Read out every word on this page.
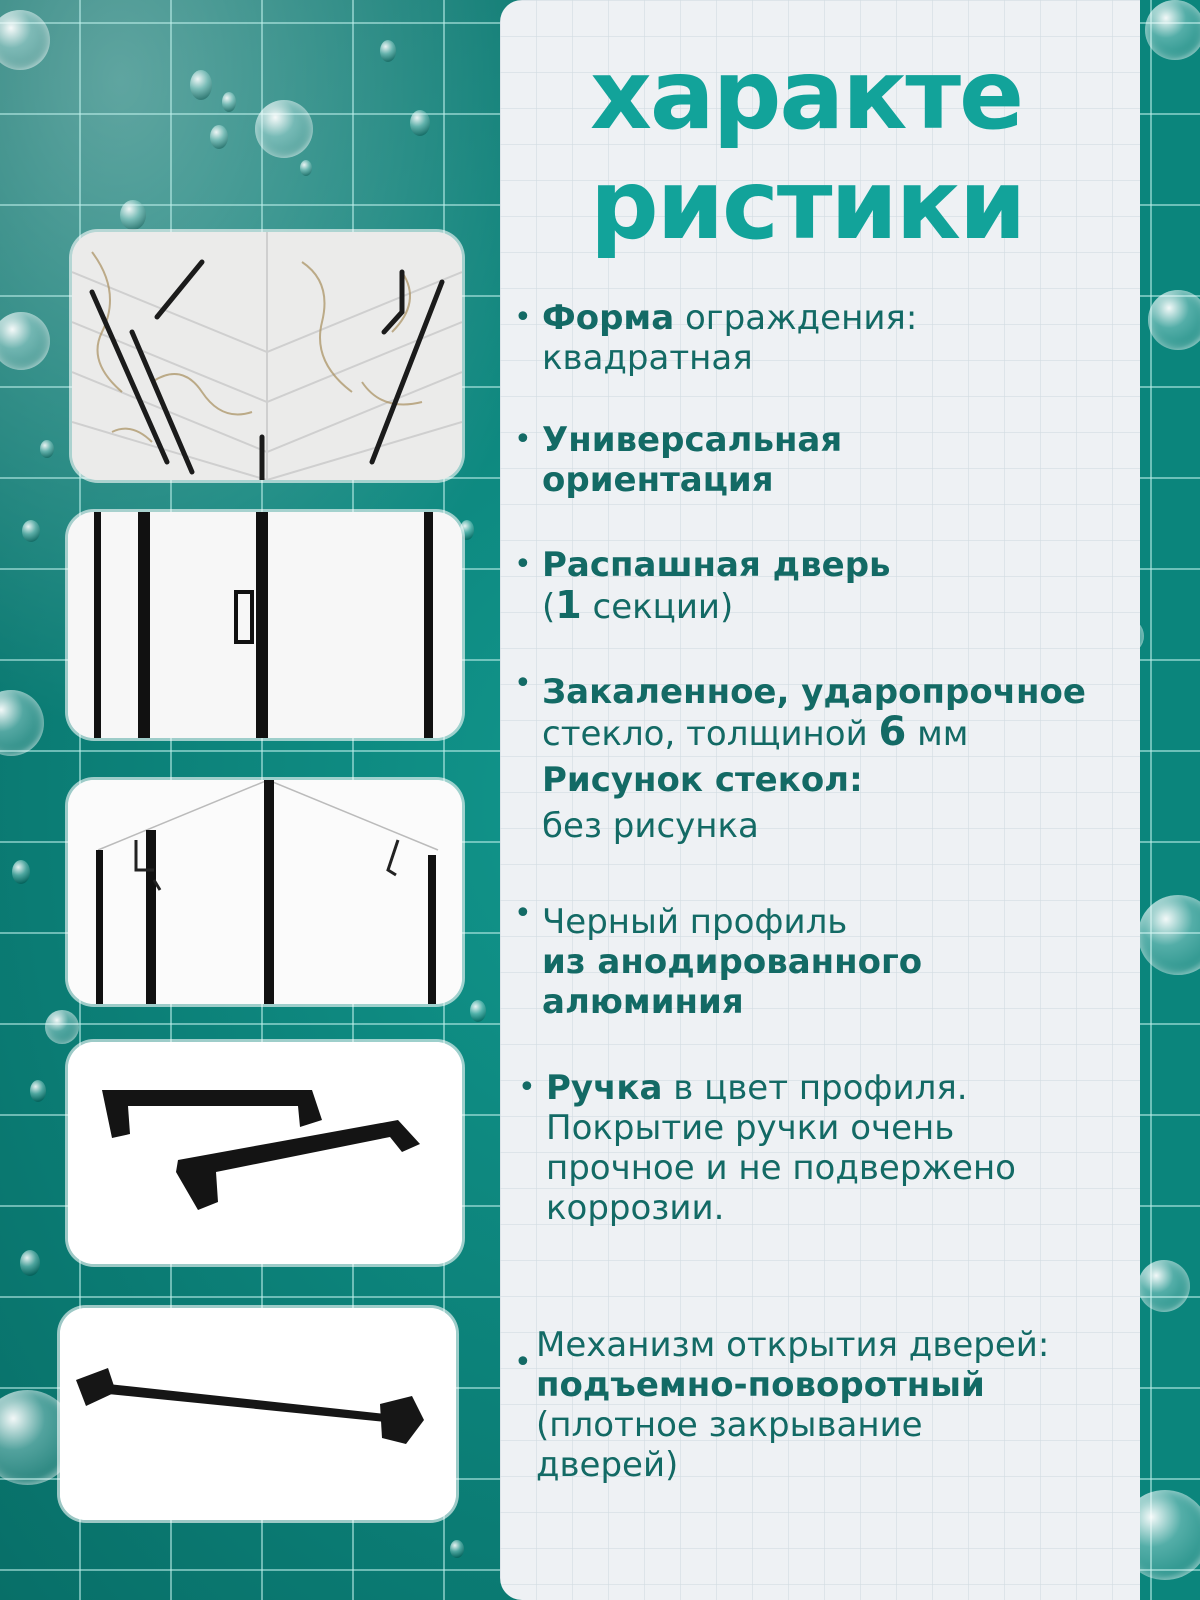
характе
ристики
• Форма ограждения:
квадратная
• Универсальная
ориентация
• Распашная дверь
(1 секции)
• Закаленное, ударопрочное
стекло, толщиной 6 мм
Рисунок стекол:
без рисунка
• Черный профиль
из анодированного
алюминия
• Ручка в цвет профиля.
Покрытие ручки очень
прочное и не подвержено
коррозии.
• Механизм открытия дверей:
подъемно-поворотный
(плотное закрывание
дверей)
